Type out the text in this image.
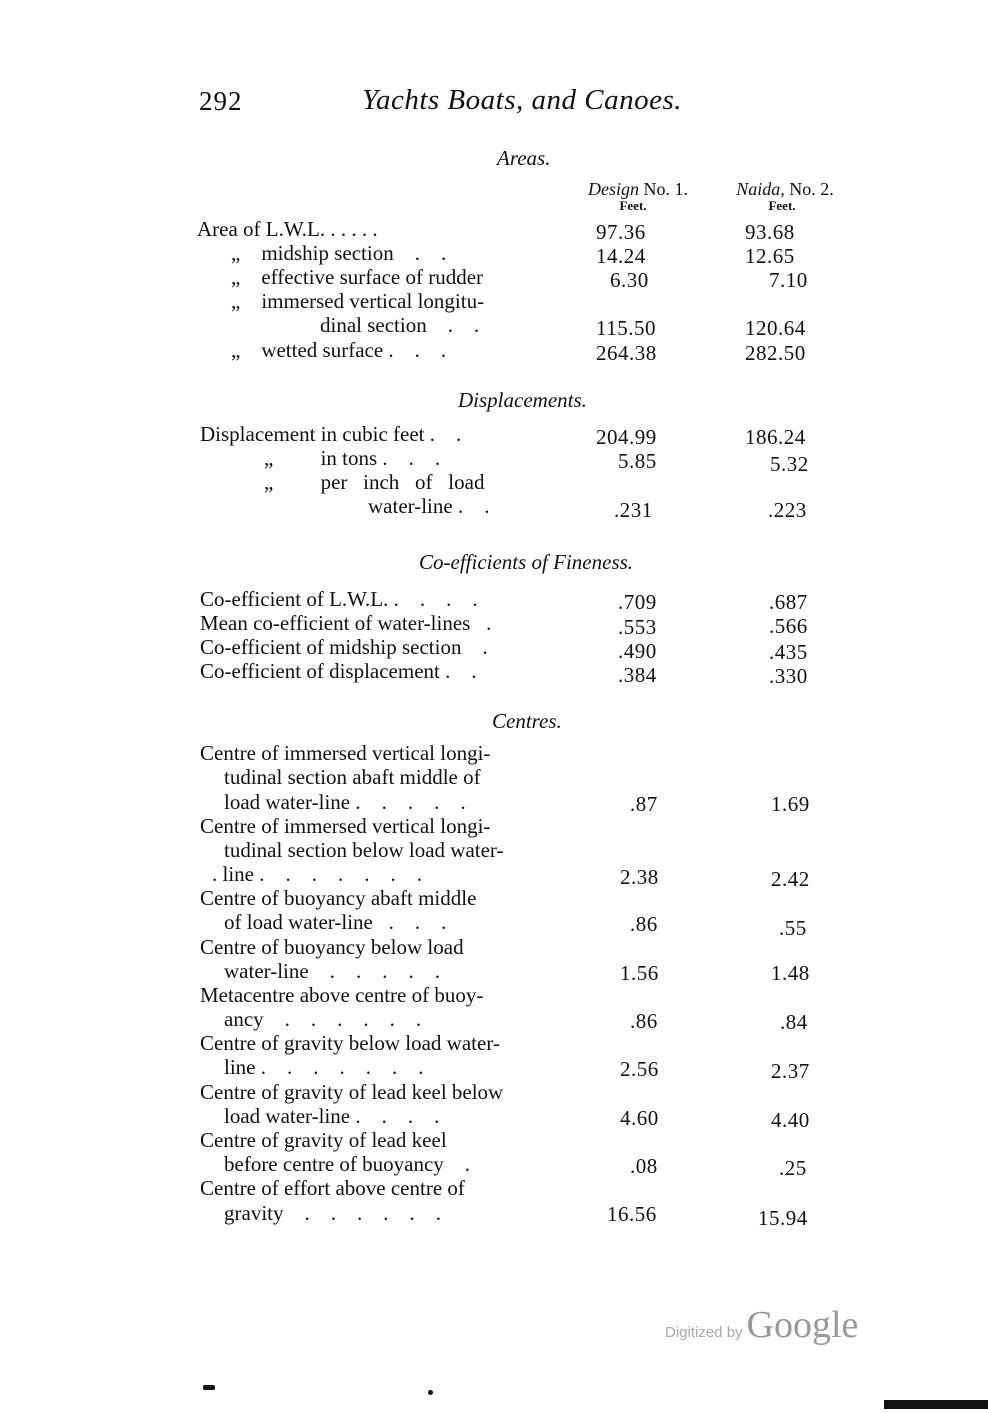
292	Yachts Boats, and Canoes.
Areas.
Design No. 1.
Feet.
Naida, No. 2.
Feet.
Area of L.W.L. . . . . .	97.36	93.68
„    midship section    .    .	14.24	12.65
„    effective surface of rudder	6.30	7.10
„    immersed vertical longitu-
dinal section    .    .	115.50	120.64
„    wetted surface .    .    .	264.38	282.50
Displacements.
Displacement in cubic feet .    .	204.99	186.24
„         in tons .    .    .	5.85	5.32
„         per   inch   of   load
water-line .    .	.231	.223
Co-efficients of Fineness.
Co-efficient of L.W.L. .    .    .    .	.709	.687
Mean co-efficient of water-lines   .	.553	.566
Co-efficient of midship section    .	.490	.435
Co-efficient of displacement .    .	.384	.330
Centres.
Centre of immersed vertical longi-
tudinal section abaft middle of
load water-line .    .    .    .    .	.87	1.69
Centre of immersed vertical longi-
tudinal section below load water-
. line .    .    .    .    .    .    .	2.38	2.42
Centre of buoyancy abaft middle
of load water-line   .    .    .	.86	.55
Centre of buoyancy below load
water-line    .    .    .    .    .	1.56	1.48
Metacentre above centre of buoy-
ancy    .    .    .    .    .    .	.86	.84
Centre of gravity below load water-
line .    .    .    .    .    .    .	2.56	2.37
Centre of gravity of lead keel below
load water-line .    .    .    .	4.60	4.40
Centre of gravity of lead keel
before centre of buoyancy    .	.08	.25
Centre of effort above centre of
gravity    .    .    .    .    .    .	16.56	15.94
Digitized by Google
